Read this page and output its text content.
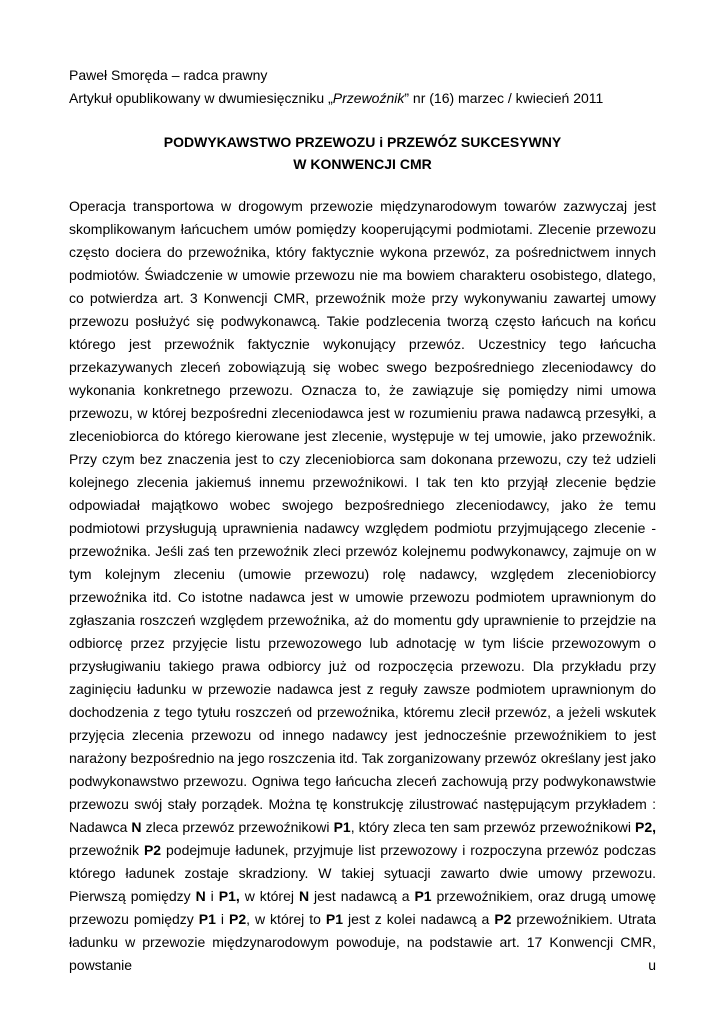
Paweł Smoręda – radca prawny

Artykuł opublikowany w dwumiesięczniku „Przewoźnik” nr (16) marzec / kwiecień 2011

PODWYKAWSTWO PRZEWOZU i PRZEWÓZ SUKCESYWNY

W KONWENCJI CMR

Operacja transportowa w drogowym przewozie międzynarodowym towarów zazwyczaj jest skomplikowanym łańcuchem umów pomiędzy kooperującymi podmiotami. Zlecenie przewozu często dociera do przewoźnika, który faktycznie wykona przewóz, za pośrednictwem innych podmiotów. Świadczenie w umowie przewozu nie ma bowiem charakteru osobistego, dlatego, co potwierdza art. 3 Konwencji CMR, przewoźnik może przy wykonywaniu zawartej umowy przewozu posłużyć się podwykonawcą. Takie podzlecenia tworzą często łańcuch na końcu którego jest przewoźnik faktycznie wykonujący przewóz. Uczestnicy tego łańcucha przekazywanych zleceń zobowiązują się wobec swego bezpośredniego zleceniodawcy do wykonania konkretnego przewozu. Oznacza to, że zawiązuje się pomiędzy nimi umowa przewozu, w której bezpośredni zleceniodawca jest w rozumieniu prawa nadawcą przesyłki, a zleceniobiorca do którego kierowane jest zlecenie, występuje w tej umowie, jako przewoźnik. Przy czym bez znaczenia jest to czy zleceniobiorca sam dokonana przewozu, czy też udzieli kolejnego zlecenia jakiemuś innemu przewoźnikowi. I tak ten kto przyjął zlecenie będzie odpowiadał majątkowo wobec swojego bezpośredniego zleceniodawcy, jako że temu podmiotowi przysługują uprawnienia nadawcy względem podmiotu przyjmującego zlecenie - przewoźnika. Jeśli zaś ten przewoźnik zleci przewóz kolejnemu podwykonawcy, zajmuje on w tym kolejnym zleceniu (umowie przewozu) rolę nadawcy, względem zleceniobiorcy przewoźnika itd. Co istotne nadawca jest w umowie przewozu podmiotem uprawnionym do zgłaszania roszczeń względem przewoźnika, aż do momentu gdy uprawnienie to przejdzie na odbiorcę przez przyjęcie listu przewozowego lub adnotację w tym liście przewozowym o przysługiwaniu takiego prawa odbiorcy już od rozpoczęcia przewozu. Dla przykładu przy zaginięciu ładunku w przewozie nadawca jest z reguły zawsze podmiotem uprawnionym do dochodzenia z tego tytułu roszczeń od przewoźnika, któremu zlecił przewóz, a jeżeli wskutek przyjęcia zlecenia przewozu od innego nadawcy jest jednocześnie przewoźnikiem to jest narażony bezpośrednio na jego roszczenia itd. Tak zorganizowany przewóz określany jest jako podwykonawstwo przewozu. Ogniwa tego łańcucha zleceń zachowują przy podwykonawstwie przewozu swój stały porządek. Można tę konstrukcję zilustrować następującym przykładem :

Nadawca N zleca przewóz przewoźnikowi P1, który zleca ten sam przewóz przewoźnikowi P2, przewoźnik P2 podejmuje ładunek, przyjmuje list przewozowy i rozpoczyna przewóz podczas którego ładunek zostaje skradziony. W takiej sytuacji zawarto dwie umowy przewozu. Pierwszą pomiędzy N i P1, w której N jest nadawcą a P1 przewoźnikiem, oraz drugą umowę przewozu pomiędzy P1 i P2, w której to P1 jest z kolei nadawcą a P2 przewoźnikiem. Utrata ładunku w przewozie międzynarodowym powoduje, na podstawie art. 17 Konwencji CMR, powstanie u
